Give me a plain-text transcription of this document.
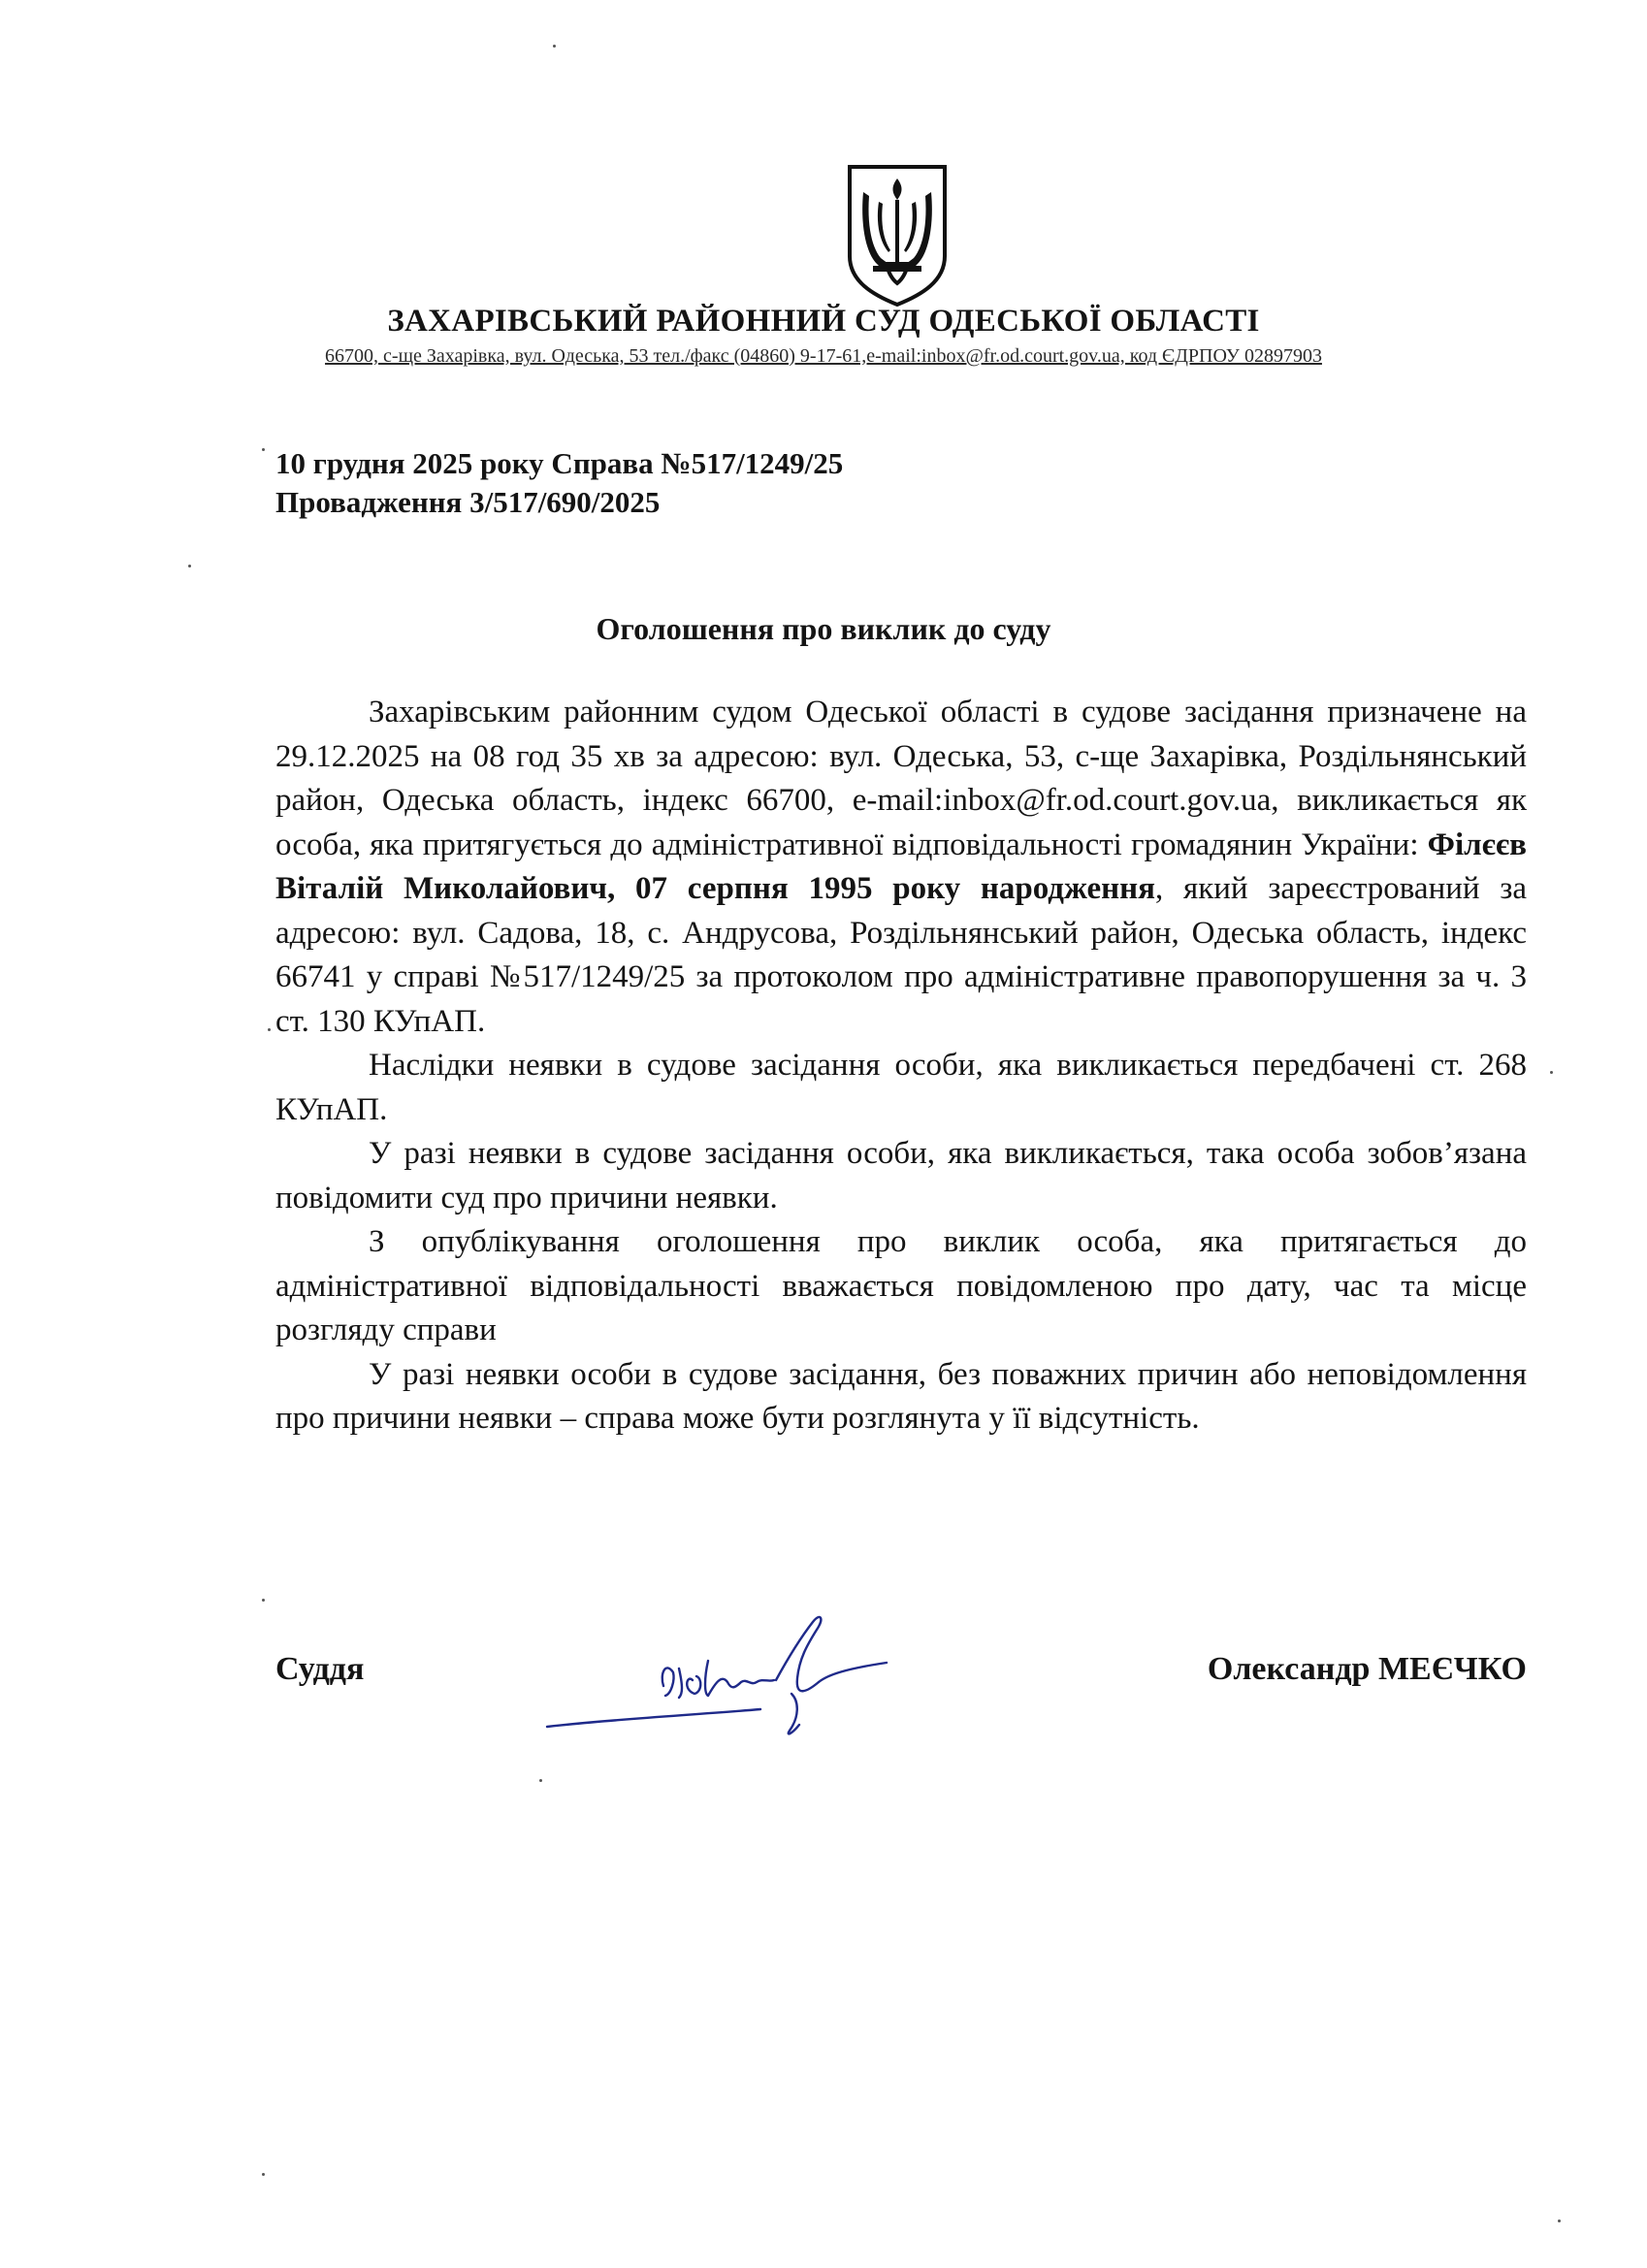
ЗАХАРІВСЬКИЙ РАЙОННИЙ СУД ОДЕСЬКОЇ ОБЛАСТІ
66700, с-ще Захарівка, вул. Одеська, 53 тел./факс (04860) 9-17-61,e-mail:inbox@fr.od.court.gov.ua, код ЄДРПОУ 02897903
10 грудня 2025 року Справа №517/1249/25
Провадження 3/517/690/2025
Оголошення про виклик до суду

Захарівським районним судом Одеської області в судове засідання призначене на 29.12.2025 на 08 год 35 хв за адресою: вул. Одеська, 53, с-ще Захарівка, Роздільнянський район, Одеська область, індекс 66700, e-mail:inbox@fr.od.court.gov.ua, викликається як особа, яка притягується до адміністративної відповідальності громадянин України: Філєєв Віталій Миколайович, 07 серпня 1995 року народження, який зареєстрований за адресою: вул. Садова, 18, с. Андрусова, Роздільнянський район, Одеська область, індекс 66741 у справі №517/1249/25 за протоколом про адміністративне правопорушення за ч. 3 ст. 130 КУпАП.

Наслідки неявки в судове засідання особи, яка викликається передбачені ст. 268 КУпАП.

У разі неявки в судове засідання особи, яка викликається, така особа зобов’язана повідомити суд про причини неявки.

З опублікування оголошення про виклик особа, яка притягається до адміністративної відповідальності вважається повідомленою про дату, час та місце розгляду справи

У разі неявки особи в судове засідання, без поважних причин або неповідомлення про причини неявки – справа може бути розглянута у її відсутність.

Суддя	Олександр МЕЄЧКО
